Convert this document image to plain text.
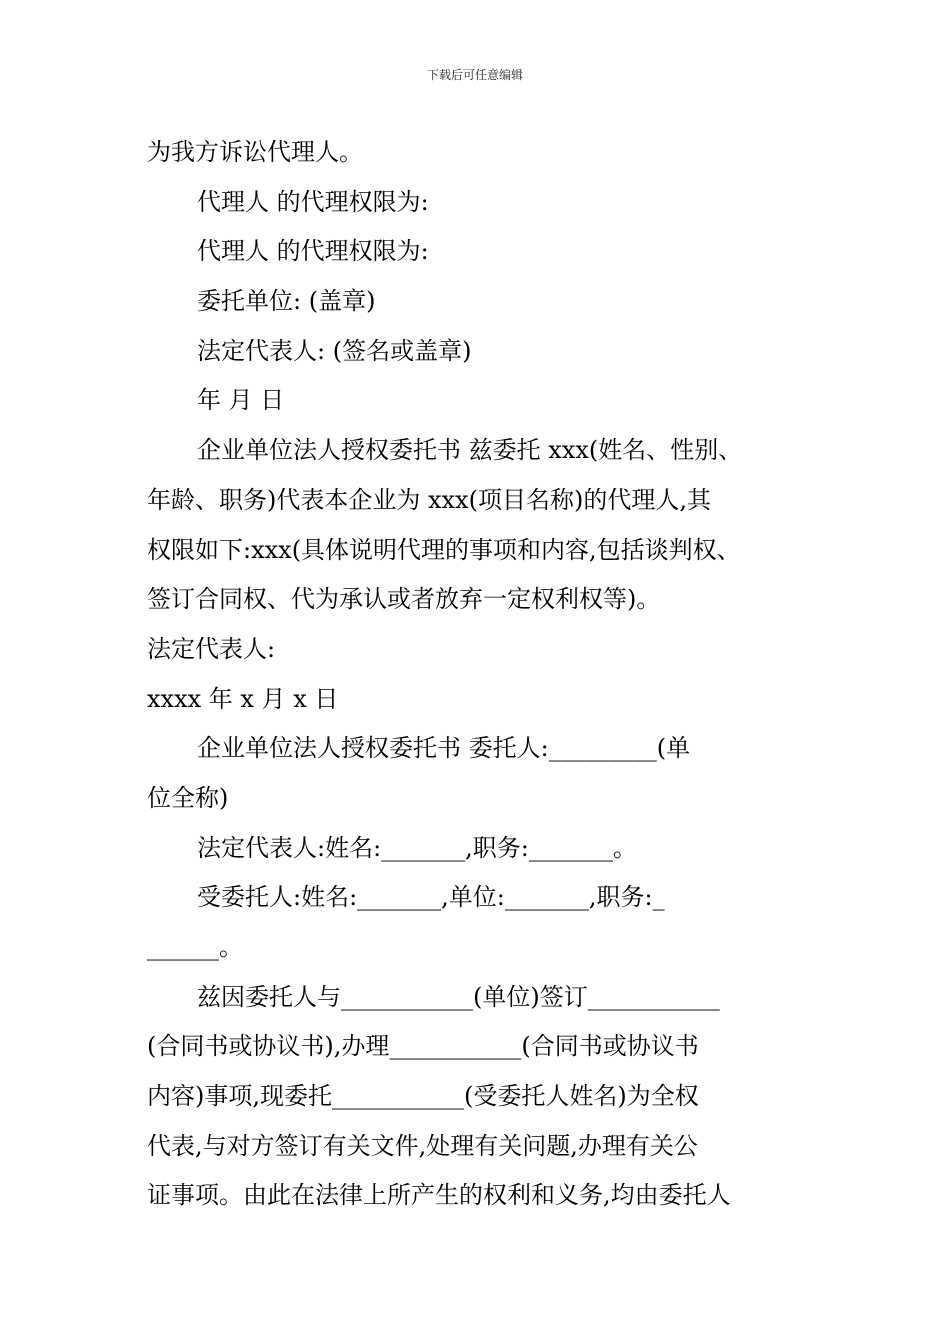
下载后可任意编辑
为我方诉讼代理人。
代理人 的代理权限为:
代理人 的代理权限为:
委托单位: (盖章)
法定代表人: (签名或盖章)
年 月 日
企业单位法人授权委托书 兹委托 xxx(姓名、性别、
年龄、职务)代表本企业为 xxx(项目名称)的代理人,其
权限如下:xxx(具体说明代理的事项和内容,包括谈判权、
签订合同权、代为承认或者放弃一定权利权等)。
法定代表人:
xxxx 年 x 月 x 日
企业单位法人授权委托书 委托人:_________(单
位全称)
法定代表人:姓名:_______,职务:_______。
受委托人:姓名:_______,单位:_______,职务:_
______。
兹因委托人与___________(单位)签订___________
(合同书或协议书),办理___________(合同书或协议书
内容)事项,现委托___________(受委托人姓名)为全权
代表,与对方签订有关文件,处理有关问题,办理有关公
证事项。由此在法律上所产生的权利和义务,均由委托人
